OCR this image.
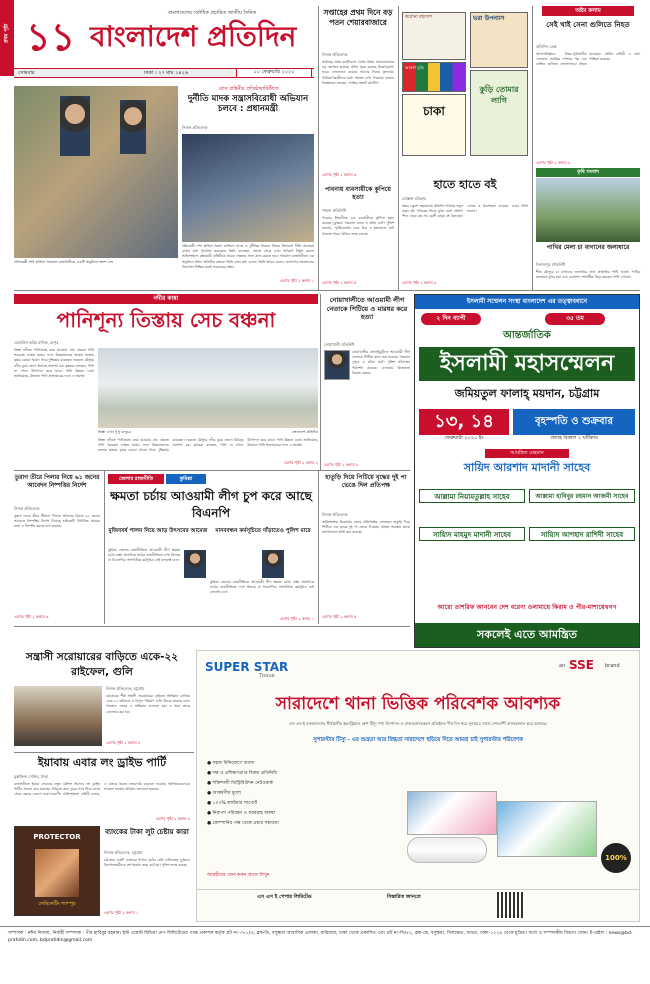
প্রথম পৃষ্ঠা ১১
বাংলাদেশের সর্বাধিক প্রচারিত জাতীয় দৈনিক
বাংলাদেশ প্রতিদিন
সোমবার	ঢাকা । ২৭ মাঘ ১৪২৬	১০ ফেব্রুয়ারি ২০২০
র‍্যাব বাহিনীর প্রতিষ্ঠাবার্ষিকীতে
দুর্নীতি মাদক সন্ত্রাসবিরোধী অভিযান চলবে : প্রধানমন্ত্রী
নিজস্ব প্রতিবেদক
প্রধানমন্ত্রী শেখ হাসিনা সন্ত্রাস জঙ্গিবাদ মাদক ও দুর্নীতির বিরুদ্ধে জিরো টলারেন্স নীতি অব্যাহত রাখার কথা পুনর্ব্যক্ত করেছেন। তিনি বলেছেন, সমাজ থেকে এসব অপরাধ নির্মূল করতে আইনশৃঙ্খলা রক্ষাকারী বাহিনীকে আরও দক্ষতার সঙ্গে কাজ করতে হবে। গতকাল রাজধানীতে এক অনুষ্ঠানে প্রধান অতিথির বক্তব্যে তিনি এসব কথা বলেন। তিনি আরও বলেন, জনগণের জানমালের নিরাপত্তা নিশ্চিত করাই সরকারের লক্ষ্য।
প্রধানমন্ত্রী শেখ হাসিনা গতকাল রাজধানীতে একটি অনুষ্ঠানে অংশ নেন
এরপর পৃষ্ঠা ২ কলাম ১
সপ্তাহের প্রথম দিনে বড় পতন শেয়ারবাজারে
নিজস্ব প্রতিবেদক
সপ্তাহের প্রথম কার্যদিবসে দেশের উভয় শেয়ারবাজারে বড় দরপতন হয়েছে। প্রধান সূচক কমেছে উল্লেখযোগ্য হারে। লেনদেনও কমেছে আগের দিনের তুলনায়। বিনিয়োগকারীদের মধ্যে আতঙ্ক দেখা দিয়েছে। বাজার বিশ্লেষকরা বলছেন, আস্থার সংকট কাটেনি।
এরপর পৃষ্ঠা ২ কলাম ৩
পাবনায় ব্যবসায়ীকে কুপিয়ে হত্যা
পাবনা প্রতিনিধি
পাবনার ঈশ্বরদীতে এক ব্যবসায়ীকে কুপিয়ে হত্যা করেছে দুর্বৃত্তরা। গতকাল রাতে এ ঘটনা ঘটে। পুলিশ জানায়, পূর্ববিরোধের জের ধরে এ হত্যাকাণ্ড ঘটে থাকতে পারে। ঘটনার তদন্ত চলছে।
এরপর পৃষ্ঠা ২ কলাম ৫
করোনা মহাদেশ	ভরা উপন্যাস
আকাশ ঘুড়ি
চাকা
কুড়ি তোমার লাগি
হাতে হাতে বই
মোস্তফা মতিহার
অমর একুশে গ্রন্থমেলায় প্রতিদিন আসছে নতুন নতুন বই। পাঠকের ভিড়ে মুখর মেলা প্রাঙ্গণ। শিশু থেকে বৃদ্ধ সব বয়সী মানুষ বই কিনছেন। লেখক ও প্রকাশকরা বলছেন, এবার বিক্রি ভালো।
এরপর পৃষ্ঠা ২ কলাম ৩
অষ্টম কলাম
সেই খাই সেনা গুলিতে নিহত
প্রতিদিন ডেস্ক
আফগানিস্তানে উত্তর-পূর্বাঞ্চলীয় এলাকায় সামরিক পোশাক পরা এক ব্যক্তির গুলিতে সেনাসদস্যরা নিহত হয়েছেন। মার্কিন বাহিনী এ তথ্য নিশ্চিত করেছে।
এরপর পৃষ্ঠা ২ কলাম ৪
কৃষি সংবাদ
পাখির মেলা চা বাগানের জলাধারে
দিনাজপুর প্রতিনিধি
শীত মৌসুমে চা বাগানের জলাধারে নানা প্রজাতির পাখি আসে। পাখির কলতানে মুখর হয়ে ওঠে চারপাশ। দর্শনার্থীরা ভিড় করছেন পাখি দেখতে।
নদীর কান্না
পানিশূন্য তিস্তায় সেচ বঞ্চনা
রেজাউল করিম মানিক, রংপুর
তিস্তা নদীতে পানিপ্রবাহ কমে যাওয়ায় সেচ প্রকল্পে পানি সরবরাহ ব্যাহত হচ্ছে। ফলে উত্তরাঞ্চলের হাজার হাজার কৃষক বোরো আবাদ নিয়ে দুশ্চিন্তায় রয়েছেন। শুকনো মৌসুমে নদীর বুকে জেগে উঠেছে অসংখ্য চর। কৃষকরা বলছেন, পানি না পেলে উৎপাদন কমে যাবে। পানি উন্নয়ন বোর্ড জানিয়েছে, উজানে পানি প্রত্যাহারের ফলে এ অবস্থা।
তিস্তা এখন ধু ধু বালুচর	বাংলাদেশ প্রতিদিন
তিস্তা নদীতে পানিপ্রবাহ কমে যাওয়ায় সেচ প্রকল্পে পানি সরবরাহ ব্যাহত হচ্ছে। ফলে উত্তরাঞ্চলের হাজার হাজার কৃষক বোরো আবাদ নিয়ে দুশ্চিন্তায় রয়েছেন। শুকনো মৌসুমে নদীর বুকে জেগে উঠেছে অসংখ্য চর। কৃষকরা বলছেন, পানি না পেলে উৎপাদন কমে যাবে। পানি উন্নয়ন বোর্ড জানিয়েছে, উজানে পানি প্রত্যাহারের ফলে এ অবস্থা।
এরপর পৃষ্ঠা ২ কলাম ২
নোয়াখালীতে আওয়ামী লীগ নেতাকে পিটিয়ে ও মারধর করে হত্যা
নোয়াখালী প্রতিনিধি
নোয়াখালীর সোনাইমুড়ীতে আওয়ামী লীগ নেতাকে পিটিয়ে হত্যা করা হয়েছে। গতকাল দুপুরে এ ঘটনা ঘটে। পুলিশ ঘটনাস্থল পরিদর্শন করেছে। এলাকায় উত্তেজনা বিরাজ করছে।
এরপর পৃষ্ঠা ২ কলাম ৪
ইসলামী সম্মেলন সংস্থা বাংলাদেশ এর তত্ত্বাবধানে
২ দিন ব্যাপী	৩৫ তম
আন্তর্জাতিক
ইসলামী মহাসম্মেলন
জমিয়তুল ফালাহ্ ময়দান, চট্টগ্রাম
১৩, ১৪
ফেব্রুয়ারী ২০২০ ইং
বৃহস্পতি ও শুক্রবার
প্রত্যহ বিকাল ২ ঘটিকায়
আমন্ত্রিত মেহমান
সায়িদ আরশাদ মাদানী সাহেব
আল্লামা নিয়ামতুল্লাহ সাহেব	আল্লামা হাবিবুর রহমান আজমী সাহেব
সায়্যিদ মাহমুদ মাদানী সাহেব	সায়্যিদ আশহাদ রাশিদী সাহেব
আরো তাশরিফ আনবেন দেশ বরেণ্য ওলামায়ে কিরাম ও পীর-মাশায়েখগণ
সকলেই এতে আমন্ত্রিত
তুরাগ তীরে পিলার নিয়ে ৬১ জনের আবেদন নিষ্পত্তির নির্দেশ
নিজস্ব প্রতিবেদক
তুরাগ নদের তীরে সীমানা পিলার স্থাপনের বিষয়ে ৬১ জনের আবেদন নিষ্পত্তির নির্দেশ দিয়েছে হাইকোর্ট। নির্ধারিত সময়ের মধ্যে এ নিষ্পত্তি করতে বলা হয়েছে।
এরপর পৃষ্ঠা ২ কলাম ৬
জেলার রাজনীতি	কুমিল্লা
ক্ষমতা চর্চায় আওয়ামী লীগ চুপ করে আছে বিএনপি
মুজিববর্ষ পালন নিয়ে আড় উৎসবের আমেজ	মানববন্ধন কর্মসূচিতে দাঁড়াতেও পুলিশ মারে
কুমিল্লা জেলার রাজনীতিতে আওয়ামী লীগ ক্ষমতা চর্চায় ব্যস্ত। অন্যদিকে মাঠের রাজনীতিতে দেখা মিলছে না বিএনপির। সাংগঠনিক কর্মসূচিও নেই বললেই চলে।
কুমিল্লা জেলার রাজনীতিতে আওয়ামী লীগ ক্ষমতা চর্চায় ব্যস্ত। অন্যদিকে মাঠের রাজনীতিতে দেখা মিলছে না বিএনপির। সাংগঠনিক কর্মসূচিও নেই বললেই চলে।
এরপর পৃষ্ঠা ২ কলাম ১
হাতুড়ি দিয়ে পিটিয়ে বৃদ্ধের দুই পা ভেঙে দিল প্রতিপক্ষ
নিজস্ব প্রতিবেদক
জমিসংক্রান্ত বিরোধের জেরে প্রতিপক্ষের লোকজন হাতুড়ি দিয়ে পিটিয়ে এক বৃদ্ধের দুই পা ভেঙে দিয়েছে। আহত অবস্থায় তাকে হাসপাতালে ভর্তি করা হয়েছে।
এরপর পৃষ্ঠা ২ কলাম ৫
সন্ত্রাসী সরোয়ারের বাড়িতে একে-২২ রাইফেল, গুলি
নিজস্ব প্রতিবেদক, চট্টগ্রাম
চট্টগ্রামের শীর্ষ সন্ত্রাসী সরোয়ারের বাড়িতে অভিযান চালিয়ে একে-২২ রাইফেল ও বিপুল পরিমাণ গুলি উদ্ধার করেছে র‍্যাব। গতকাল ভোরে এ অভিযান চালানো হয়। এ সময় তাকে গ্রেফতার করা হয়।
এরপর পৃষ্ঠা ২ কলাম ৪
ইয়াবায় এবার লং ড্রাইভ পার্টি
মুস্তাফিজ সেলিম, ঢাকা
রাজধানীতে ইয়াবা সেবনের নতুন কৌশল হিসেবে লং ড্রাইভ পার্টির প্রচলন শুরু হয়েছে। গাড়িতে করে দূরের পথে গিয়ে মাদক সেবন করছে একদল তরুণ-তরুণী। আইনশৃঙ্খলা বাহিনী বলছে, এ চক্রকে ধরতে নজরদারি বাড়ানো হয়েছে। অভিভাবকদেরও সচেতন হওয়ার আহ্বান জানানো হয়েছে।
এরপর পৃষ্ঠা ২ কলাম ৩
PROTECTOR
লেমিনেটিং শ্যাম্পুর
ব্যাংকের টাকা লুট চেষ্টায় কারা
নিজস্ব প্রতিবেদক, চট্টগ্রাম
চট্টগ্রামে একটি ব্যাংকের শাখায় লুটের চেষ্টা চালিয়েছে দুর্বৃত্তরা। নিরাপত্তাকর্মীদের তৎপরতায় তারা ব্যর্থ হয়। পুলিশ তদন্ত করছে।
এরপর পৃষ্ঠা ২ কলাম ১
SUPER STAR
Tissue
an SSE brand
সারাদেশে থানা ভিত্তিক পরিবেশক আবশ্যক
এস এস ই বাংলাদেশের শীর্ষস্থানীয় ইন্ডাস্ট্রিয়াল গ্রুপ টিস্যু পণ্য উৎপাদন ও বাজারজাতকরণ প্রতিষ্ঠান। দীর্ঘ দিন ধরে সুনামের সাথে দেশব্যাপী বাজারজাত করে আসছে।
সুপারস্টার টিস্যু - এর শুভ্রতা আর স্নিগ্ধতা সারাদেশে ছড়িয়ে দিতে আমরা চাই সুপারস্টার পরিবেশক
● সহজ বিনিয়োগে ব্যবসা
● দক্ষ ও প্রশিক্ষণপ্রাপ্ত বিক্রয় প্রতিনিধি
● শক্তিশালী ডিস্ট্রিবিউশন নেটওয়ার্ক
● আকর্ষণীয় মূল্যে
● ১০০% কাস্টমার সাপোর্ট
● নিরাপদ পরিবহন ও সরবরাহ ব্যবস্থা
● কোম্পানির পক্ষ থেকে প্রচার সহায়তা
100%
আগ্রহীদের ফোন করুন অথবা লিখুন
এস এস ই পেপার লিমিটেড	বিস্তারিত জানতে
সম্পাদক : নঈম নিজাম, নির্বাহী সম্পাদক : পীর হাবিবুর রহমান। ইস্ট ওয়েস্ট মিডিয়া গ্রুপ লিমিটেডের পক্ষে প্রকাশক কর্তৃক প্লট নং-৩৭১/এ, ব্লক-ডি, বসুন্ধরা আবাসিক এলাকা, বারিধারা, ঢাকা থেকে প্রকাশিত এবং প্লট নং-সি/৫২, ব্লক-কে, বসুন্ধরা, খিলক্ষেত, বাড্ডা, ঢাকা-১২২৯ থেকে মুদ্রিত। বার্তা ও সম্পাদকীয় বিভাগ ফোন। ই-মেইল : news@bd-pratidin.com, bdpratidin@gmail.com
